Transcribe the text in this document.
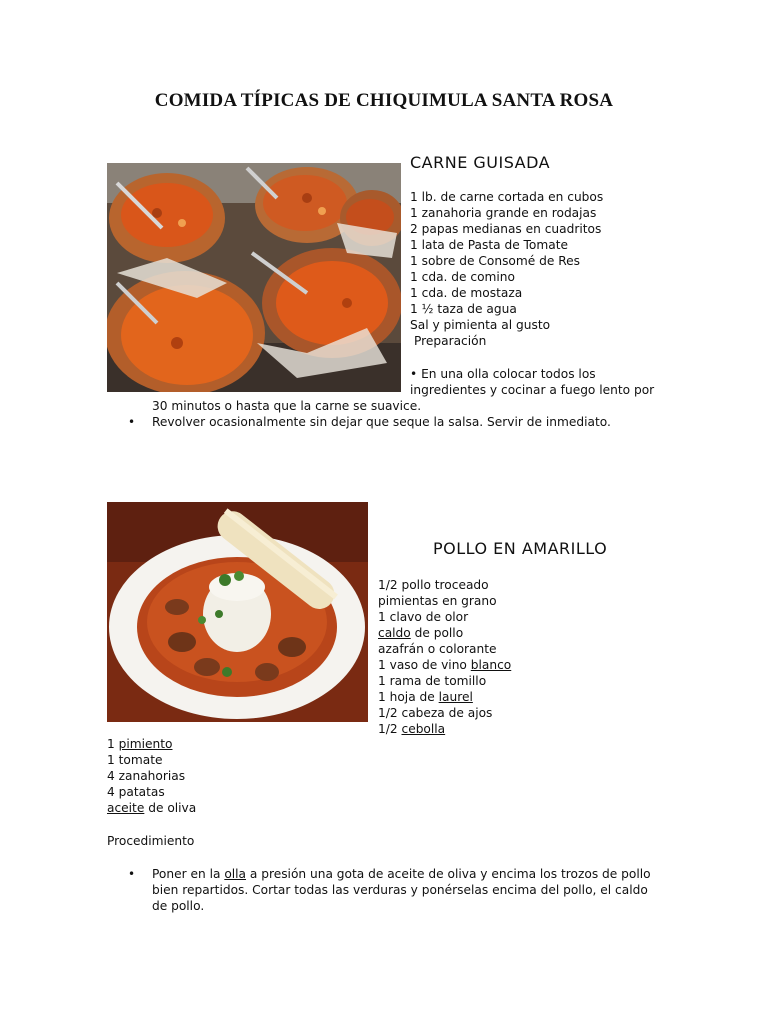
COMIDA TÍPICAS DE CHIQUIMULA SANTA ROSA
CARNE GUISADA
1 lb. de carne cortada en cubos
1 zanahoria grande en rodajas
2 papas medianas en cuadritos
1 lata de Pasta de Tomate
1 sobre de Consomé de Res
1 cda. de comino
1 cda. de mostaza
1 ½ taza de agua
Sal y pimienta al gusto
Preparación
• En una olla colocar todos los
ingredientes y cocinar a fuego lento por
30 minutos o hasta que la carne se suavice.
• Revolver ocasionalmente sin dejar que seque la salsa. Servir de inmediato.
POLLO EN AMARILLO
1/2 pollo troceado
pimientas en grano
1 clavo de olor
caldo de pollo
azafrán o colorante
1 vaso de vino blanco
1 rama de tomillo
1 hoja de laurel
1/2 cabeza de ajos
1/2 cebolla
1 pimiento
1 tomate
4 zanahorias
4 patatas
aceite de oliva
Procedimiento
• Poner en la olla a presión una gota de aceite de oliva y encima los trozos de pollo
bien repartidos. Cortar todas las verduras y ponérselas encima del pollo, el caldo
de pollo.
